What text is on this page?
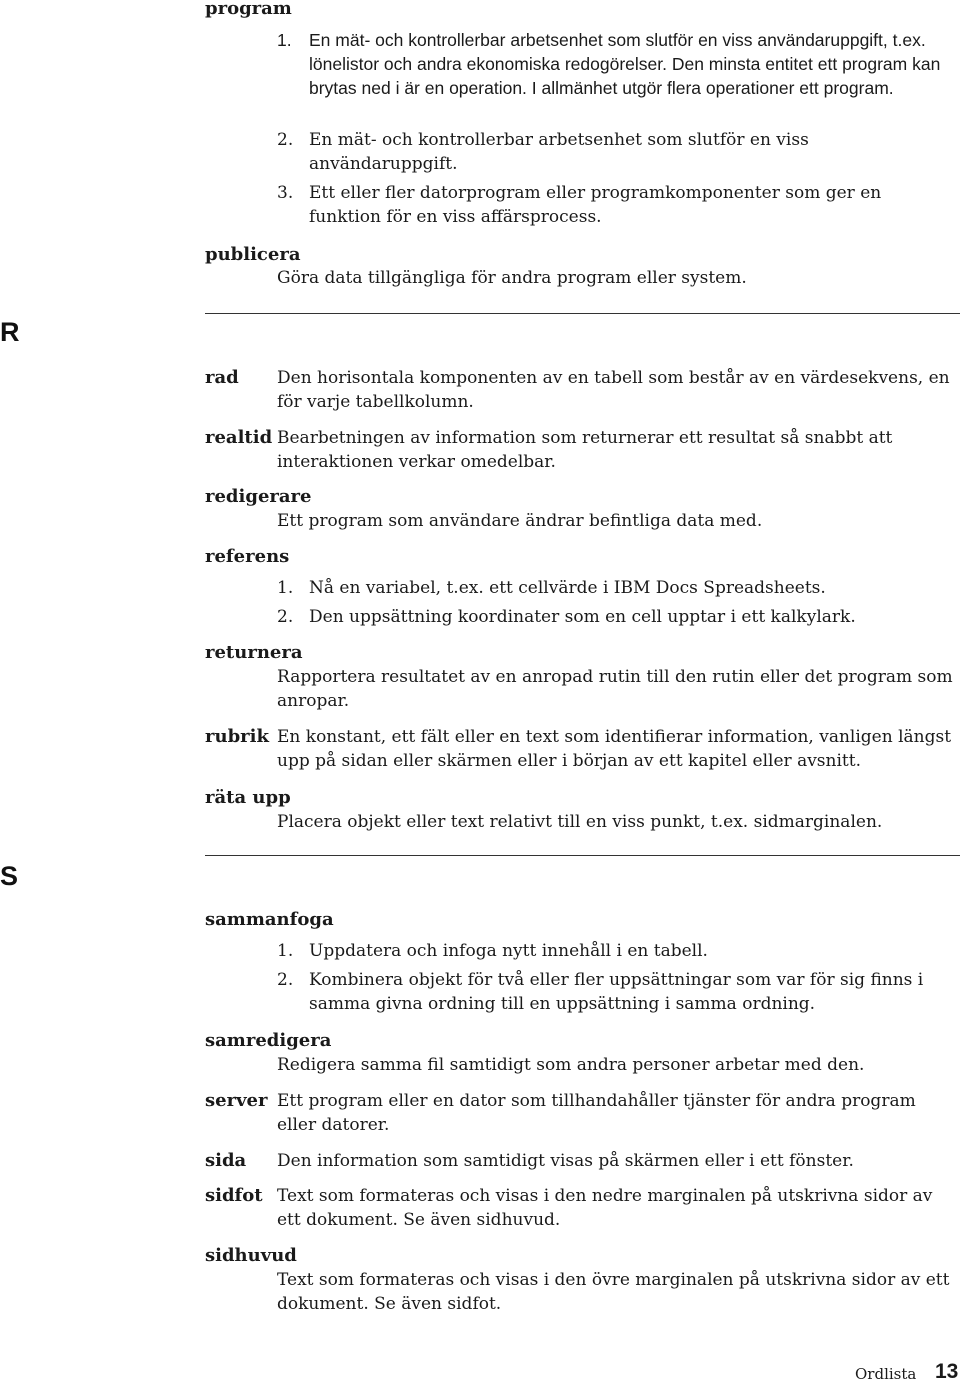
program
1. En mät- och kontrollerbar arbetsenhet som slutför en viss användaruppgift, t.ex. lönelistor och andra ekonomiska redogörelser. Den minsta entitet ett program kan brytas ned i är en operation. I allmänhet utgör flera operationer ett program.
2. En mät- och kontrollerbar arbetsenhet som slutför en viss användaruppgift.
3. Ett eller fler datorprogram eller programkomponenter som ger en funktion för en viss affärsprocess.
publicera
Göra data tillgängliga för andra program eller system.
R
rad Den horisontala komponenten av en tabell som består av en värdesekvens, en för varje tabellkolumn.
realtid Bearbetningen av information som returnerar ett resultat så snabbt att interaktionen verkar omedelbar.
redigerare
Ett program som användare ändrar befintliga data med.
referens
1. Nå en variabel, t.ex. ett cellvärde i IBM Docs Spreadsheets.
2. Den uppsättning koordinater som en cell upptar i ett kalkylark.
returnera
Rapportera resultatet av en anropad rutin till den rutin eller det program som anropar.
rubrik En konstant, ett fält eller en text som identifierar information, vanligen längst upp på sidan eller skärmen eller i början av ett kapitel eller avsnitt.
räta upp
Placera objekt eller text relativt till en viss punkt, t.ex. sidmarginalen.
S
sammanfoga
1. Uppdatera och infoga nytt innehåll i en tabell.
2. Kombinera objekt för två eller fler uppsättningar som var för sig finns i samma givna ordning till en uppsättning i samma ordning.
samredigera
Redigera samma fil samtidigt som andra personer arbetar med den.
server Ett program eller en dator som tillhandahåller tjänster för andra program eller datorer.
sida Den information som samtidigt visas på skärmen eller i ett fönster.
sidfot Text som formateras och visas i den nedre marginalen på utskrivna sidor av ett dokument. Se även sidhuvud.
sidhuvud
Text som formateras och visas i den övre marginalen på utskrivna sidor av ett dokument. Se även sidfot.
Ordlista 13
